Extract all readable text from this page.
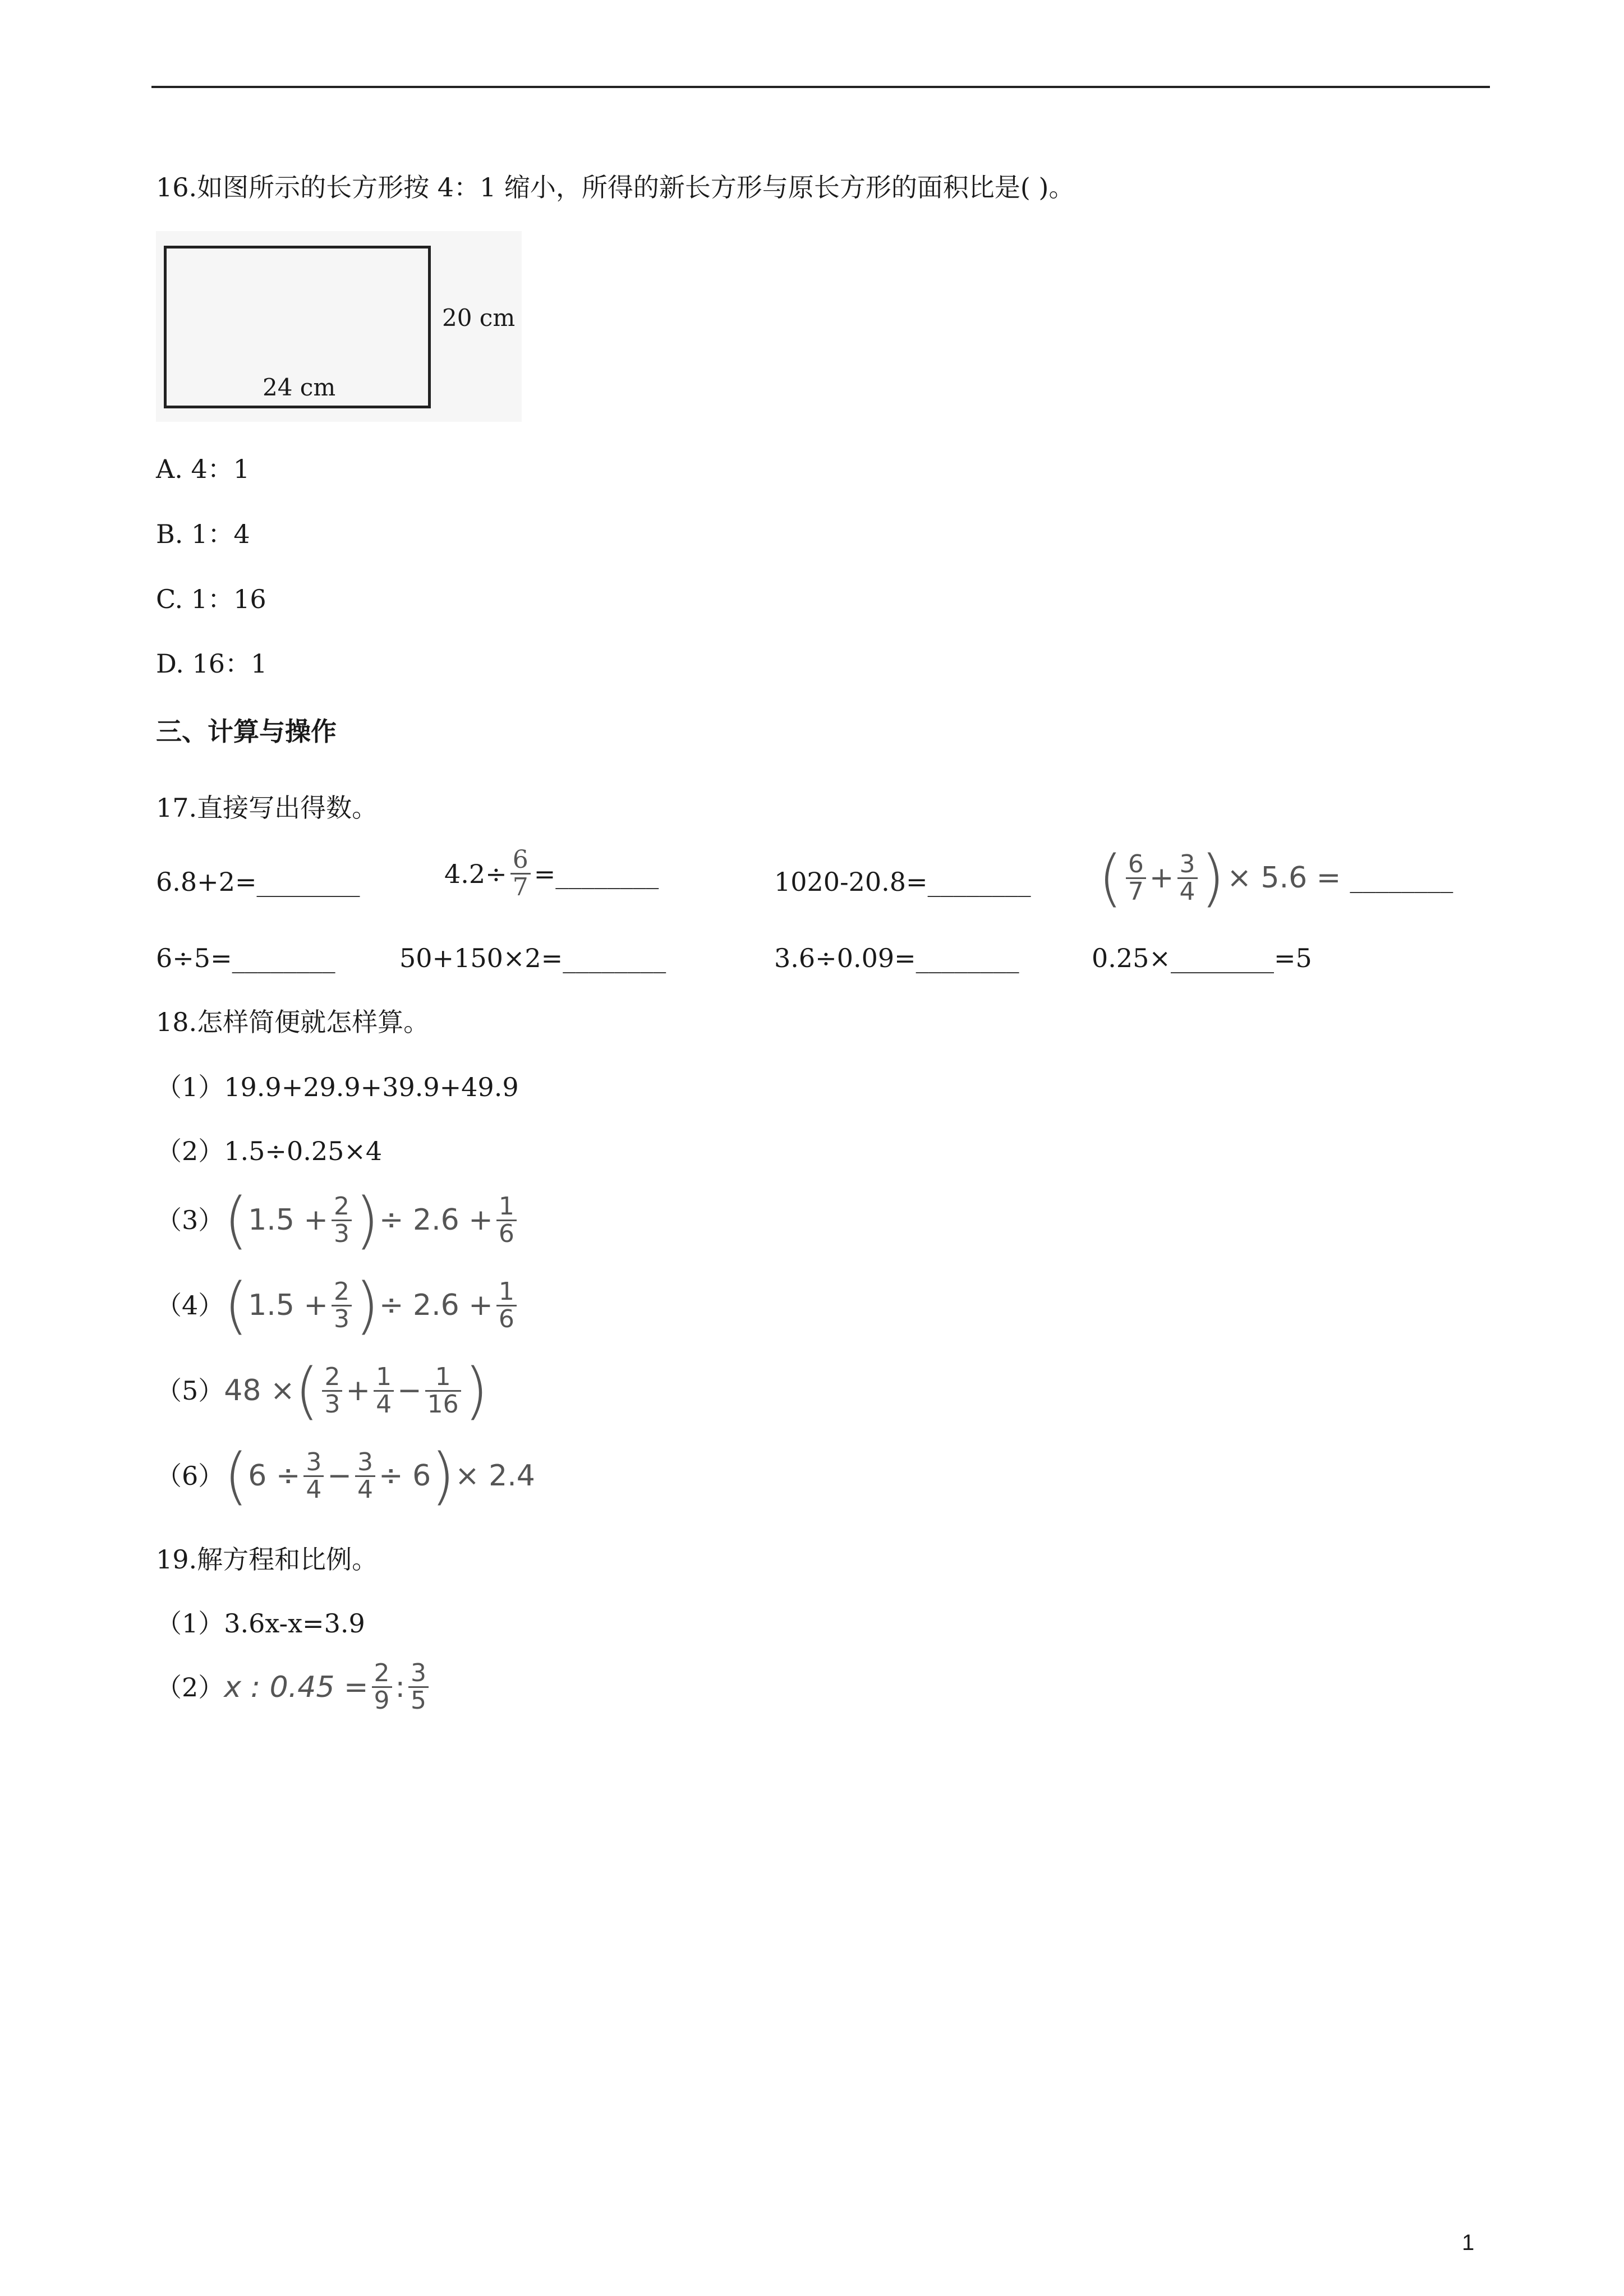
16.如图所示的长方形按 4：1 缩小，所得的新长方形与原长方形的面积比是( )。
24 cm
20 cm
A. 4：1
B. 1：4
C. 1：16
D. 16：1
三、计算与操作
17.直接写出得数。
6.8+2=________	$4.2\div \frac{6}{7}$ =________	1020-20.8=________ ( $\frac{6}{7} + \frac{3}{4}$ ) × 5.6 = ________
6÷5=________ 50+150×2=________	3.6÷0.09=________	0.25×________=5
18.怎样简便就怎样算。
（1）19.9+29.9+39.9+49.9
（2）1.5÷0.25×4
（3） ( $1.5 + \frac{2}{3}$ ) ÷ $2.6 + \frac{1}{6}$
（4） ( $1.5 + \frac{2}{3}$ ) ÷ $2.6 + \frac{1}{6}$
（5） 48 × ( $\frac{2}{3} + \frac{1}{4} - \frac{1}{16}$ )
（6） ( $6 \div \frac{3}{4} - \frac{3}{4} \div 6$ ) × 2.4
19.解方程和比例。
（1）3.6x-x=3.9
（2） x : $0.45 = \frac{2}{9}$ : $\frac{3}{5}$
1
